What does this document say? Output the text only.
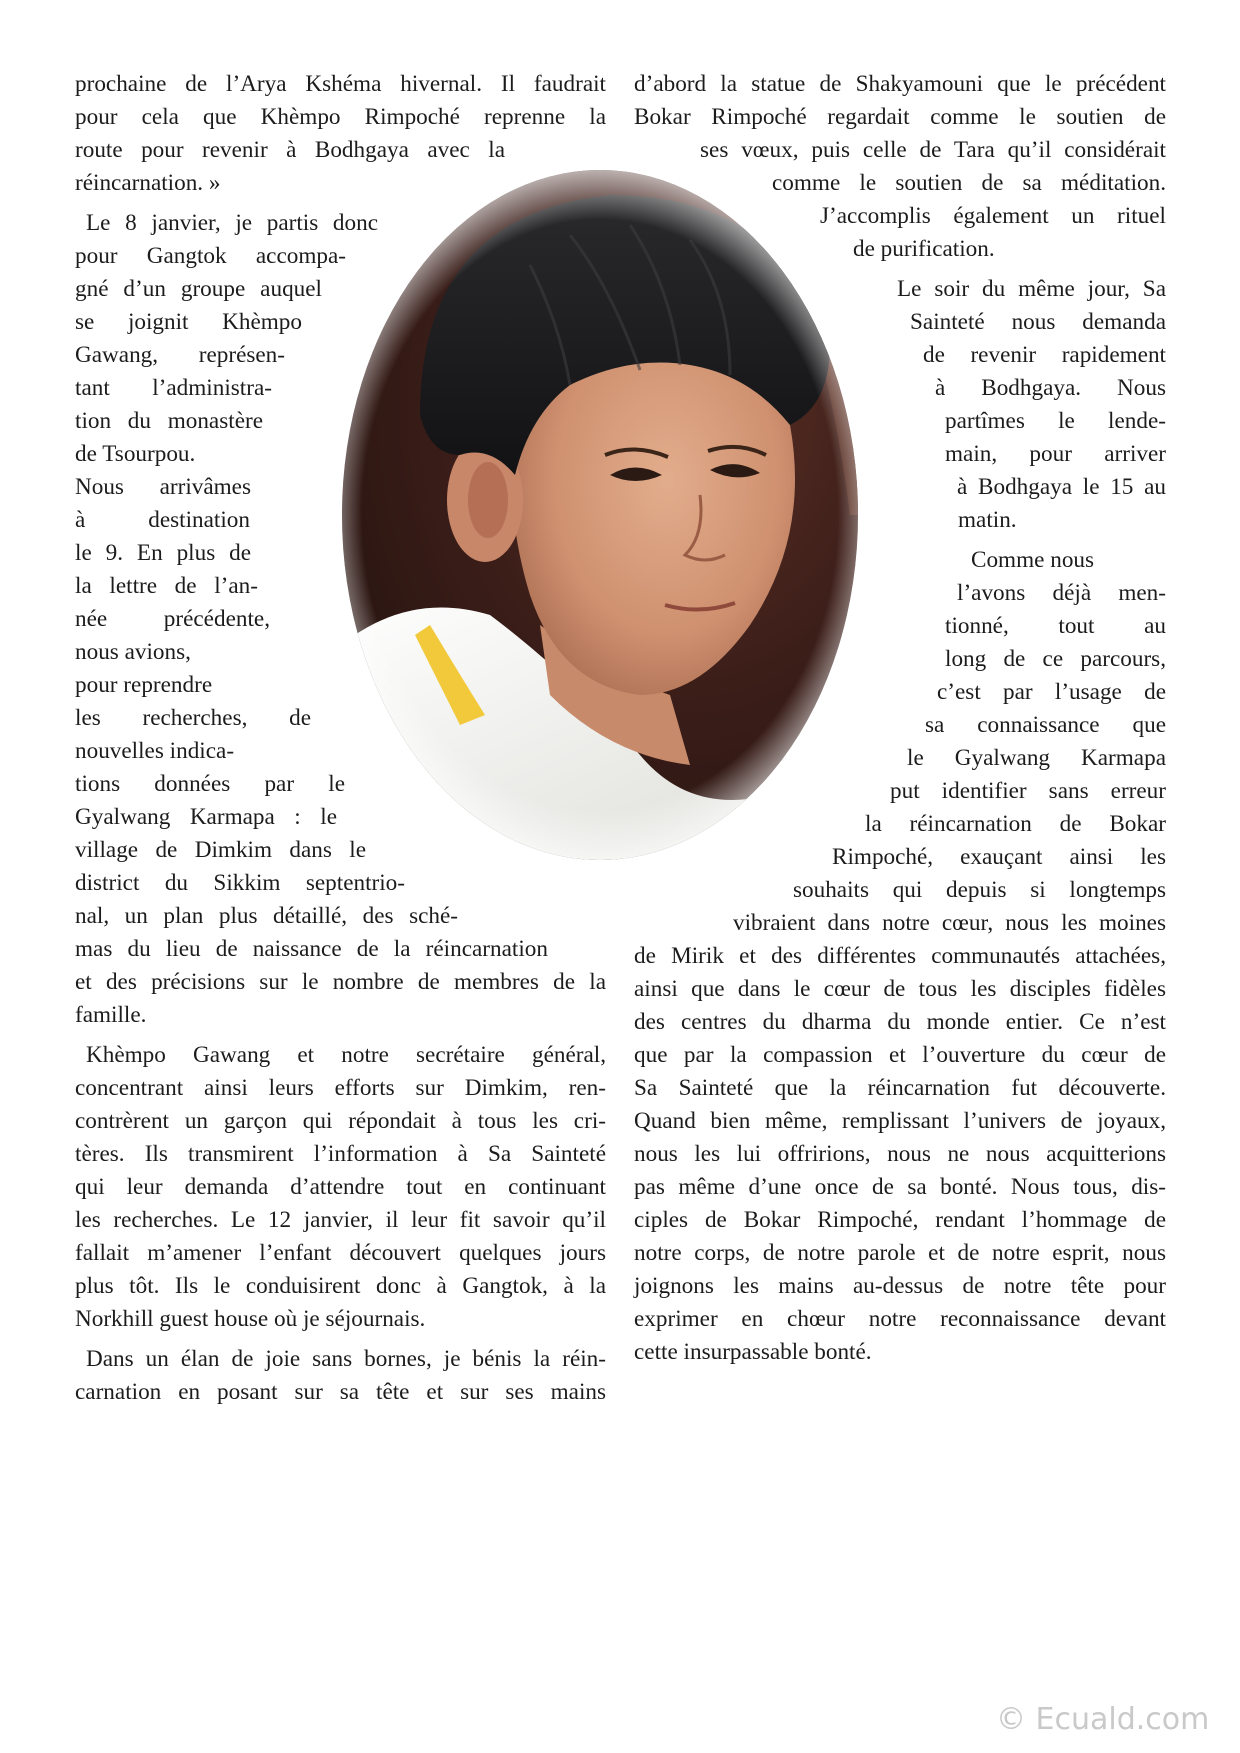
prochaine de l’Arya Kshéma hivernal. Il faudrait
pour cela que Khèmpo Rimpoché reprenne la
route pour revenir à Bodhgaya avec la
réincarnation. »
Le 8 janvier, je partis donc
pour Gangtok accompa-
gné d’un groupe auquel
se joignit Khèmpo
Gawang, représen-
tant l’administra-
tion du monastère
de Tsourpou.
Nous arrivâmes
à destination
le 9. En plus de
la lettre de l’an-
née précédente,
nous avions,
pour reprendre
les recherches, de
nouvelles indica-
tions données par le
Gyalwang Karmapa : le
village de Dimkim dans le
district du Sikkim septentrio-
nal, un plan plus détaillé, des sché-
mas du lieu de naissance de la réincarnation
et des précisions sur le nombre de membres de la
famille.
Khèmpo Gawang et notre secrétaire général,
concentrant ainsi leurs efforts sur Dimkim, ren-
contrèrent un garçon qui répondait à tous les cri-
tères. Ils transmirent l’information à Sa Sainteté
qui leur demanda d’attendre tout en continuant
les recherches. Le 12 janvier, il leur fit savoir qu’il
fallait m’amener l’enfant découvert quelques jours
plus tôt. Ils le conduisirent donc à Gangtok, à la
Norkhill guest house où je séjournais.
Dans un élan de joie sans bornes, je bénis la réin-
carnation en posant sur sa tête et sur ses mains
d’abord la statue de Shakyamouni que le précédent
Bokar Rimpoché regardait comme le soutien de
ses vœux, puis celle de Tara qu’il considérait
comme le soutien de sa méditation.
J’accomplis également un rituel
de purification.
Le soir du même jour, Sa
Sainteté nous demanda
de revenir rapidement
à Bodhgaya. Nous
partîmes le lende-
main, pour arriver
à Bodhgaya le 15 au
matin.
Comme nous
l’avons déjà men-
tionné, tout au
long de ce parcours,
c’est par l’usage de
sa connaissance que
le Gyalwang Karmapa
put identifier sans erreur
la réincarnation de Bokar
Rimpoché, exauçant ainsi les
souhaits qui depuis si longtemps
vibraient dans notre cœur, nous les moines
de Mirik et des différentes communautés attachées,
ainsi que dans le cœur de tous les disciples fidèles
des centres du dharma du monde entier. Ce n’est
que par la compassion et l’ouverture du cœur de
Sa Sainteté que la réincarnation fut découverte.
Quand bien même, remplissant l’univers de joyaux,
nous les lui offririons, nous ne nous acquitterions
pas même d’une once de sa bonté. Nous tous, dis-
ciples de Bokar Rimpoché, rendant l’hommage de
notre corps, de notre parole et de notre esprit, nous
joignons les mains au-dessus de notre tête pour
exprimer en chœur notre reconnaissance devant
cette insurpassable bonté.
© Ecuald.com
